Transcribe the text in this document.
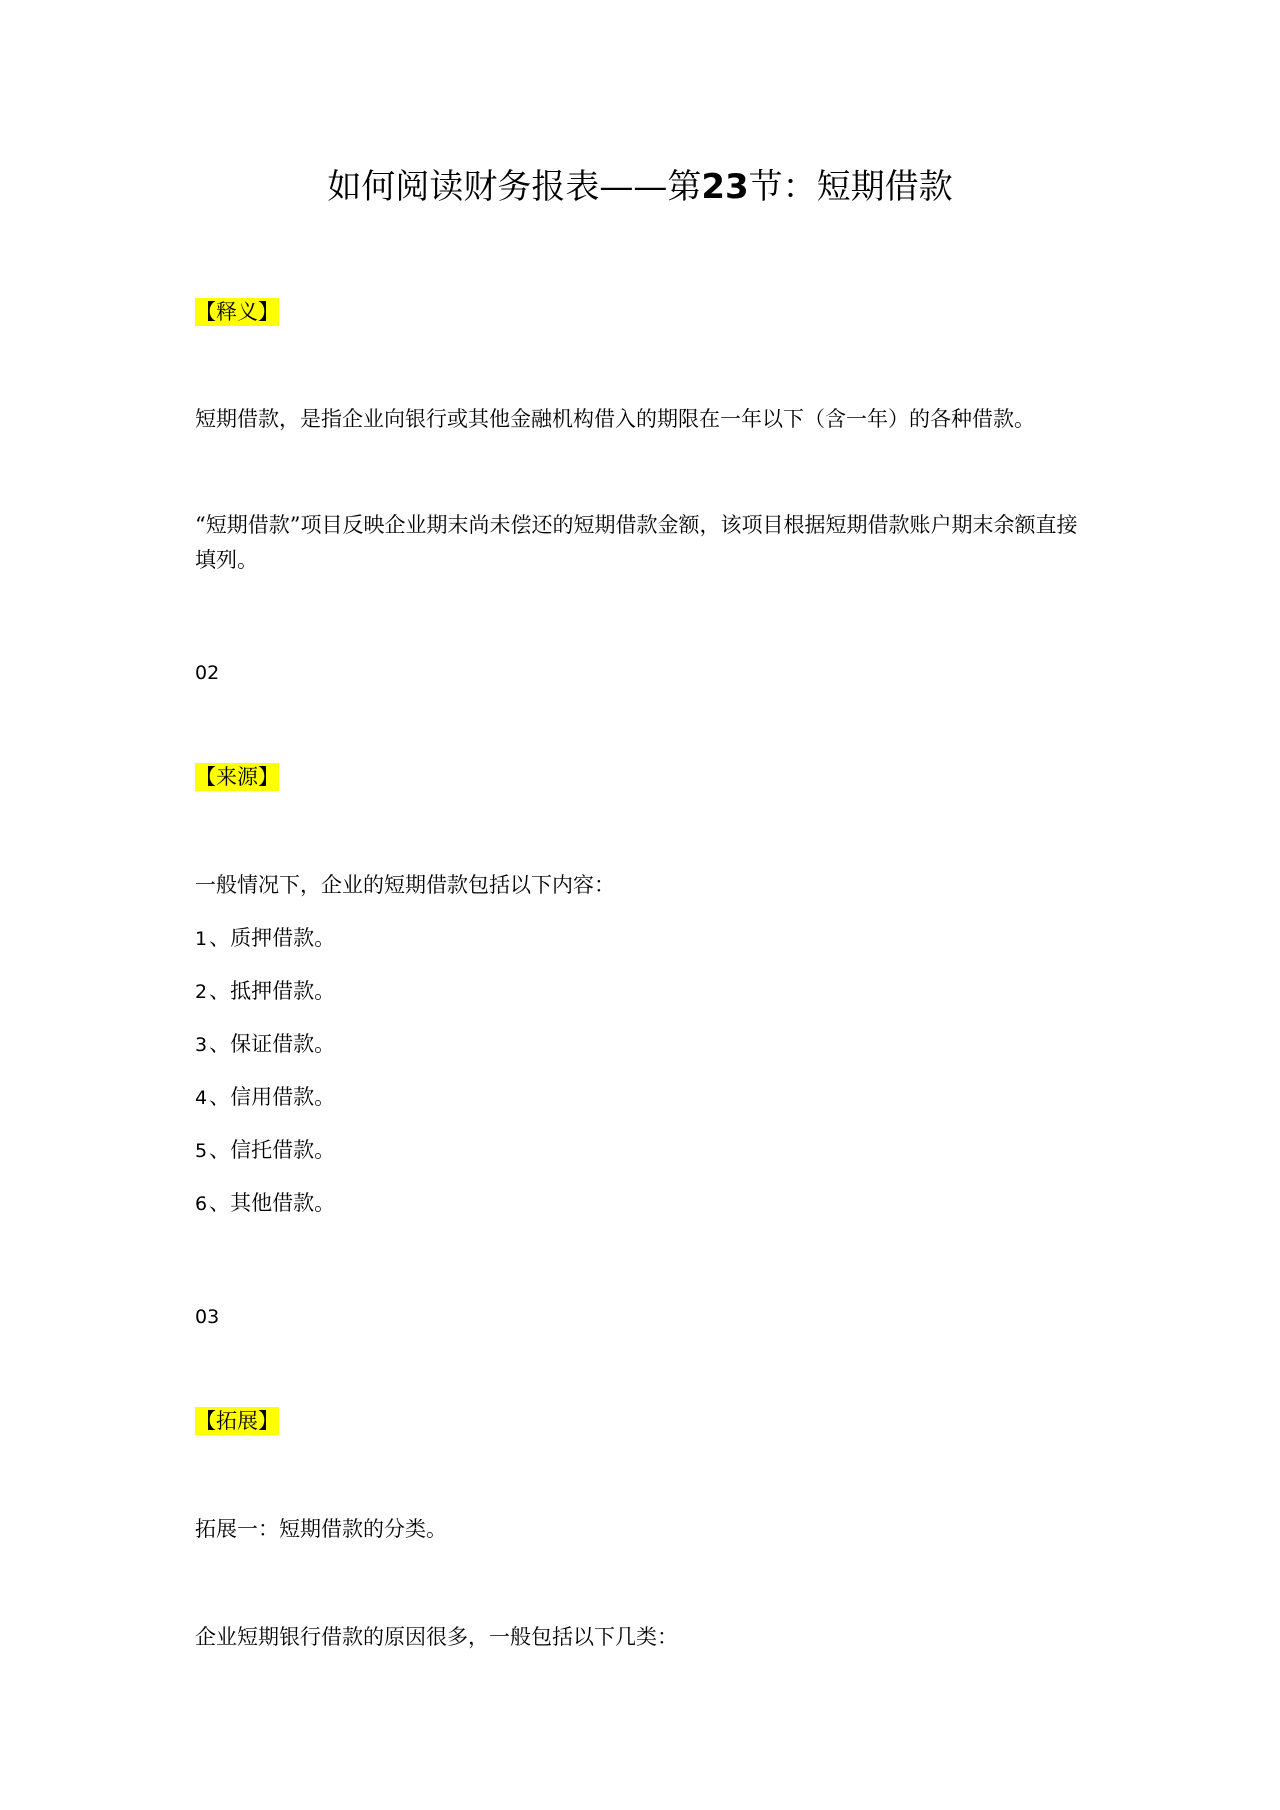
如何阅读财务报表——第23节：短期借款
【释义】
短期借款，是指企业向银行或其他金融机构借入的期限在一年以下（含一年）的各种借款。
“短期借款”项目反映企业期末尚未偿还的短期借款金额，该项目根据短期借款账户期末余额直接填列。
02
【来源】
一般情况下，企业的短期借款包括以下内容：
1、质押借款。
2、抵押借款。
3、保证借款。
4、信用借款。
5、信托借款。
6、其他借款。
03
【拓展】
拓展一：短期借款的分类。
企业短期银行借款的原因很多，一般包括以下几类：
